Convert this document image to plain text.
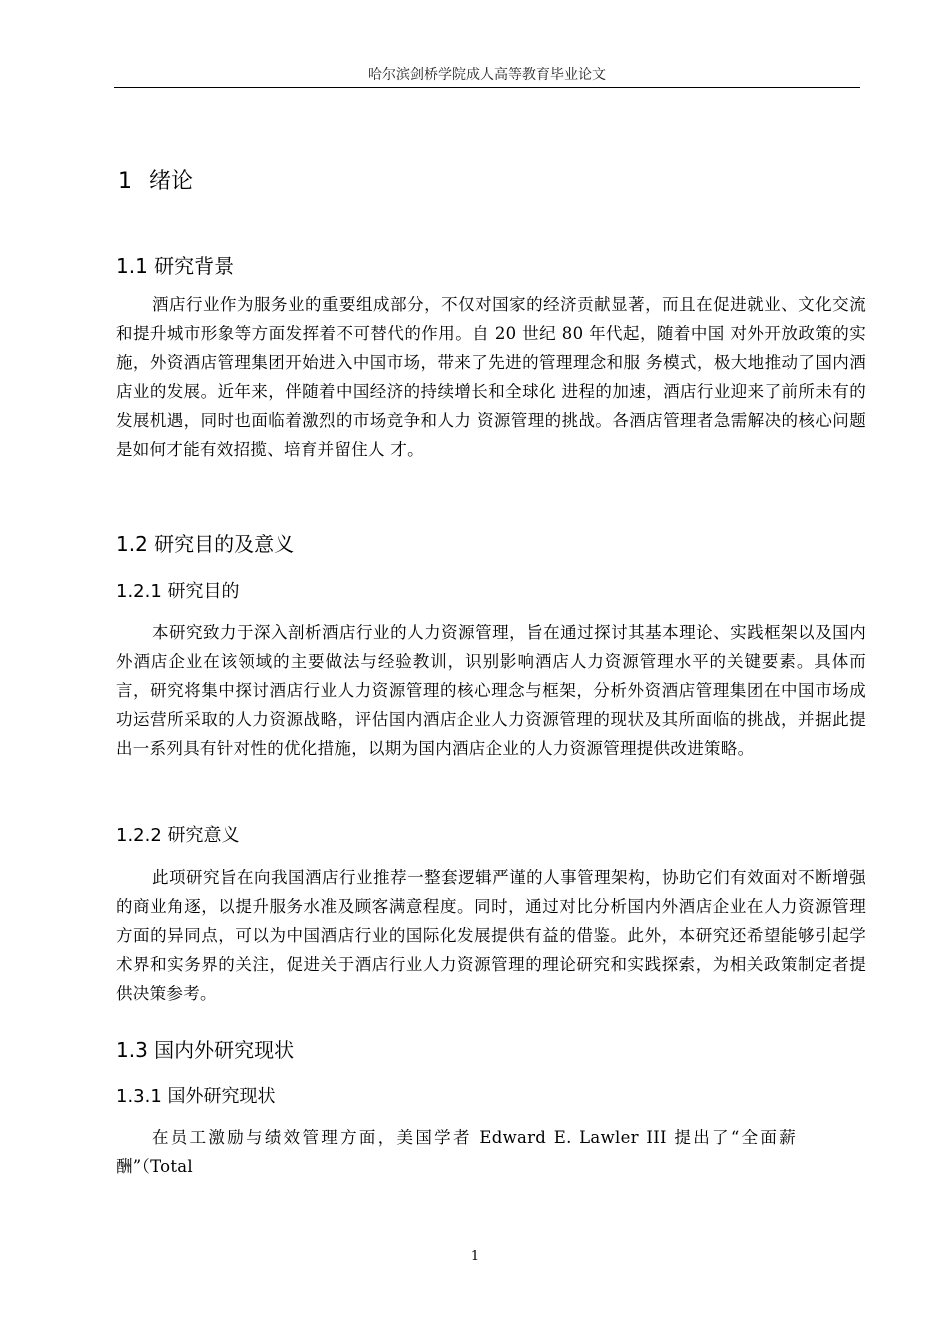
哈尔滨剑桥学院成人高等教育毕业论文
1 绪论
1.1 研究背景

酒店行业作为服务业的重要组成部分，不仅对国家的经济贡献显著，而且在促进就业、文化交流和提升城市形象等方面发挥着不可替代的作用。自 20 世纪 80 年代起，随着中国 对外开放政策的实施，外资酒店管理集团开始进入中国市场，带来了先进的管理理念和服 务模式，极大地推动了国内酒店业的发展。近年来，伴随着中国经济的持续增长和全球化 进程的加速，酒店行业迎来了前所未有的发展机遇，同时也面临着激烈的市场竞争和人力 资源管理的挑战。各酒店管理者急需解决的核心问题是如何才能有效招揽、培育并留住人 才。

1.2 研究目的及意义
1.2.1 研究目的

本研究致力于深入剖析酒店行业的人力资源管理，旨在通过探讨其基本理论、实践框架以及国内外酒店企业在该领域的主要做法与经验教训，识别影响酒店人力资源管理水平的关键要素。具体而言，研究将集中探讨酒店行业人力资源管理的核心理念与框架，分析外资酒店管理集团在中国市场成功运营所采取的人力资源战略，评估国内酒店企业人力资源管理的现状及其所面临的挑战，并据此提出一系列具有针对性的优化措施，以期为国内酒店企业的人力资源管理提供改进策略。

1.2.2 研究意义

此项研究旨在向我国酒店行业推荐一整套逻辑严谨的人事管理架构，协助它们有效面对不断增强的商业角逐，以提升服务水准及顾客满意程度。同时，通过对比分析国内外酒店企业在人力资源管理方面的异同点，可以为中国酒店行业的国际化发展提供有益的借鉴。此外，本研究还希望能够引起学术界和实务界的关注，促进关于酒店行业人力资源管理的理论研究和实践探索，为相关政策制定者提供决策参考。

1.3 国内外研究现状
1.3.1 国外研究现状

在员工激励与绩效管理方面，美国学者 Edward E. Lawler III 提出了“全面薪酬”（Total

1
